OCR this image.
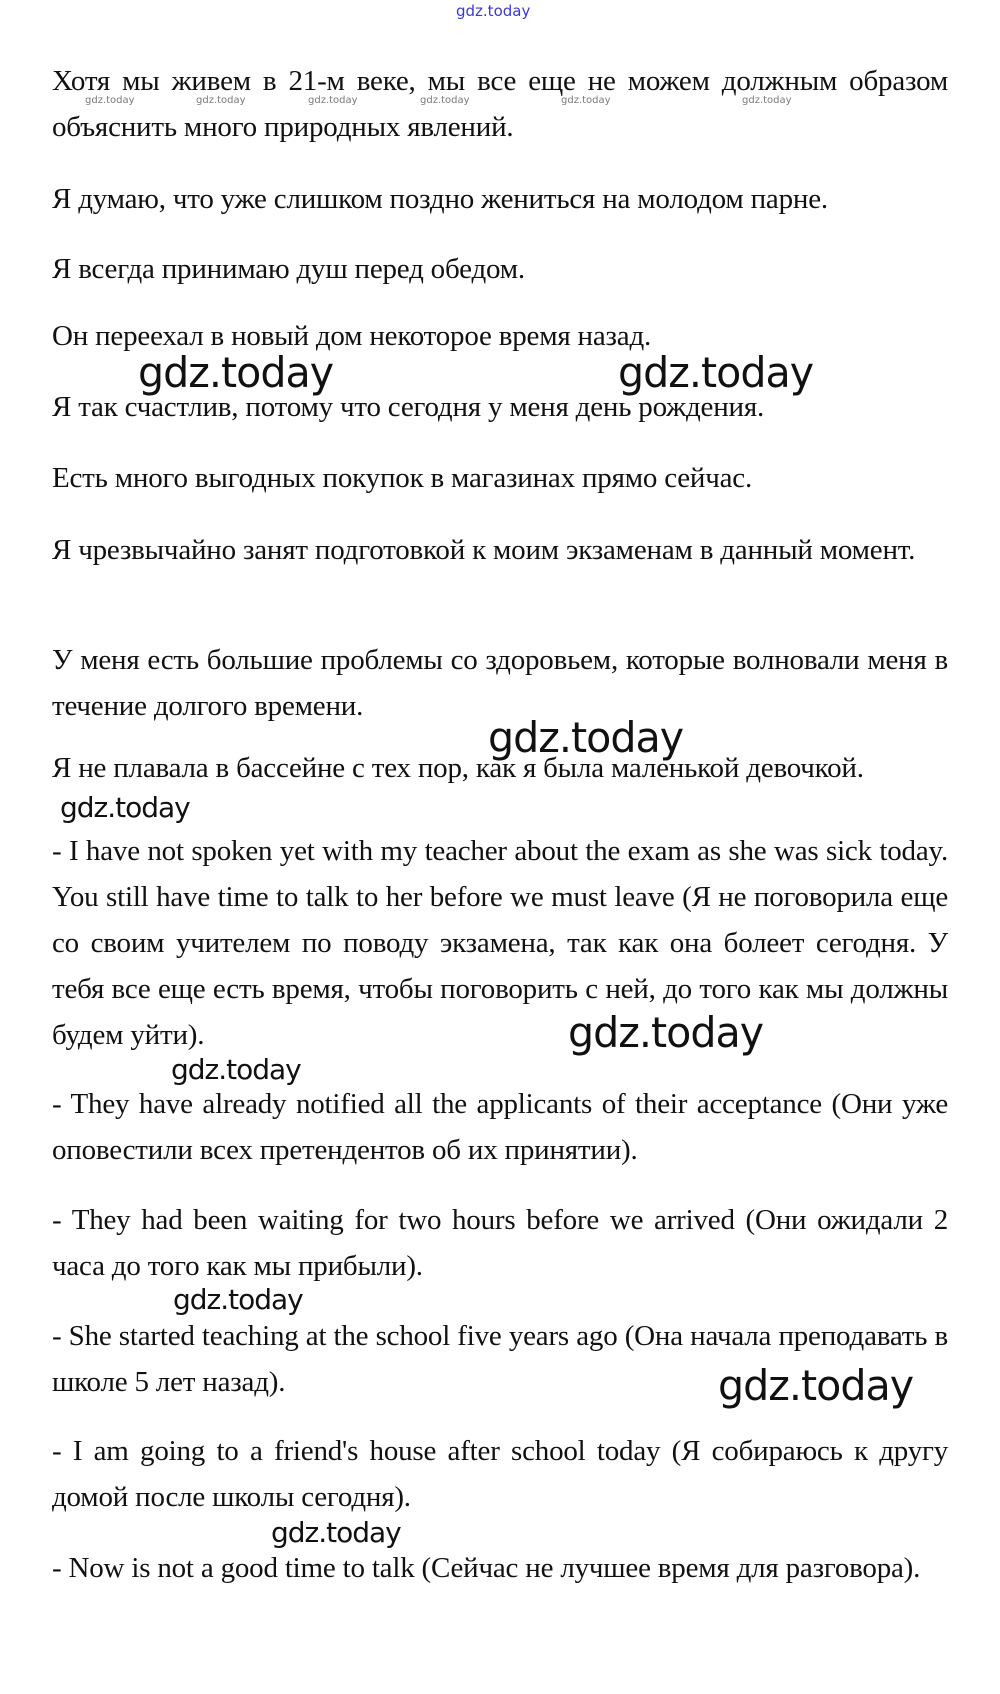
gdz.today

Хотя мы живем в 21-м веке, мы все еще не можем должным образом объяснить много природных явлений.

Я думаю, что уже слишком поздно жениться на молодом парне.

Я всегда принимаю душ перед обедом.

Он переехал в новый дом некоторое время назад.

Я так счастлив, потому что сегодня у меня день рождения.

Есть много выгодных покупок в магазинах прямо сейчас.

Я чрезвычайно занят подготовкой к моим экзаменам в данный момент.

У меня есть большие проблемы со здоровьем, которые волновали меня в течение долгого времени.

Я не плавала в бассейне с тех пор, как я была маленькой девочкой.

- I have not spoken yet with my teacher about the exam as she was sick today. You still have time to talk to her before we must leave (Я не поговорила еще со своим учителем по поводу экзамена, так как она болеет сегодня. У тебя все еще есть время, чтобы поговорить с ней, до того как мы должны будем уйти).

- They have already notified all the applicants of their acceptance (Они уже оповестили всех претендентов об их принятии).

- They had been waiting for two hours before we arrived (Они ожидали 2 часа до того как мы прибыли).

- She started teaching at the school five years ago (Она начала преподавать в школе 5 лет назад).

- I am going to a friend's house after school today (Я собираюсь к другу домой после школы сегодня).

- Now is not a good time to talk (Сейчас не лучшее время для разговора).

gdz.today	gdz.today	gdz.today	gdz.today	gdz.today	gdz.today
gdz.today	gdz.today
gdz.today
gdz.today
gdz.today
gdz.today
gdz.today
gdz.today
gdz.today
